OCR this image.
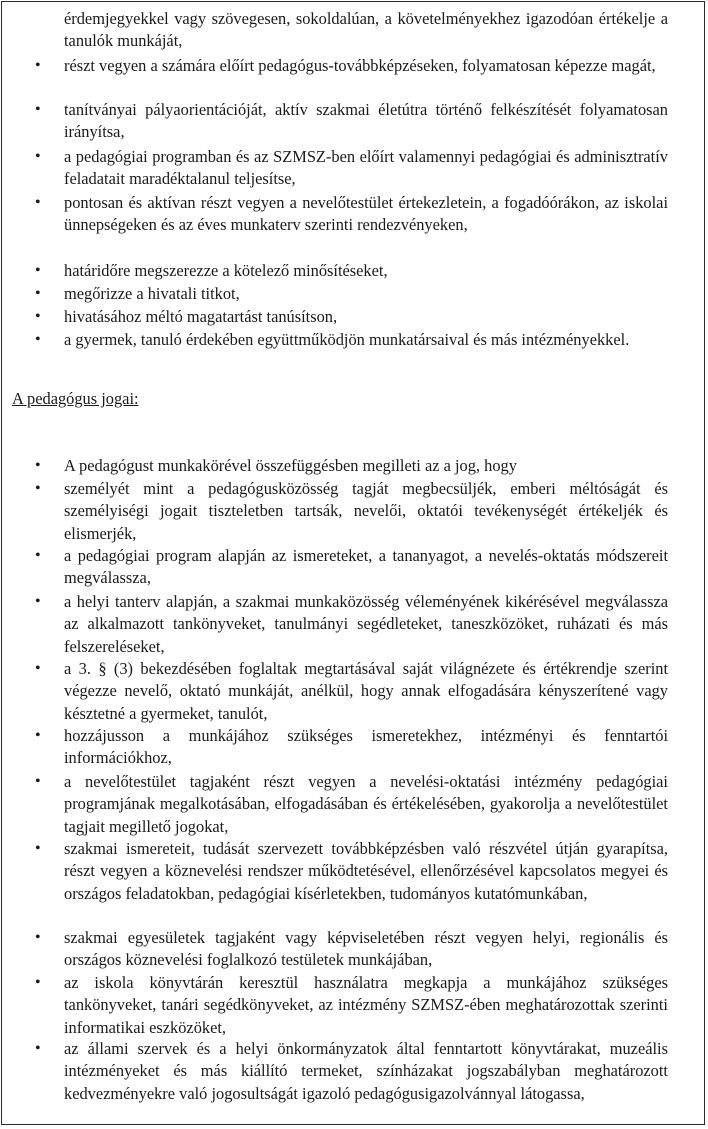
érdemjegyekkel vagy szövegesen, sokoldalúan, a követelményekhez igazodóan értékelje a tanulók munkáját,
• részt vegyen a számára előírt pedagógus-továbbképzéseken, folyamatosan képezze magát,
• tanítványai pályaorientációját, aktív szakmai életútra történő felkészítését folyamatosan irányítsa,
• a pedagógiai programban és az SZMSZ-ben előírt valamennyi pedagógiai és adminisztratív feladatait maradéktalanul teljesítse,
• pontosan és aktívan részt vegyen a nevelőtestület értekezletein, a fogadóórákon, az iskolai ünnepségeken és az éves munkaterv szerinti rendezvényeken,
• határidőre megszerezze a kötelező minősítéseket,
• megőrizze a hivatali titkot,
• hivatásához méltó magatartást tanúsítson,
• a gyermek, tanuló érdekében együttműködjön munkatársaival és más intézményekkel.
A pedagógus jogai:
• A pedagógust munkakörével összefüggésben megilleti az a jog, hogy
• személyét mint a pedagógusközösség tagját megbecsüljék, emberi méltóságát és személyiségi jogait tiszteletben tartsák, nevelői, oktatói tevékenységét értékeljék és elismerjék,
• a pedagógiai program alapján az ismereteket, a tananyagot, a nevelés-oktatás módszereit megválassza,
• a helyi tanterv alapján, a szakmai munkaközösség véleményének kikérésével megválassza az alkalmazott tankönyveket, tanulmányi segédleteket, taneszközöket, ruházati és más felszereléseket,
• a 3. § (3) bekezdésében foglaltak megtartásával saját világnézete és értékrendje szerint végezze nevelő, oktató munkáját, anélkül, hogy annak elfogadására kényszerítené vagy késztetné a gyermeket, tanulót,
• hozzájusson a munkájához szükséges ismeretekhez, intézményi és fenntartói információkhoz,
• a nevelőtestület tagjaként részt vegyen a nevelési-oktatási intézmény pedagógiai programjának megalkotásában, elfogadásában és értékelésében, gyakorolja a nevelőtestület tagjait megillető jogokat,
• szakmai ismereteit, tudását szervezett továbbképzésben való részvétel útján gyarapítsa, részt vegyen a köznevelési rendszer működtetésével, ellenőrzésével kapcsolatos megyei és országos feladatokban, pedagógiai kísérletekben, tudományos kutatómunkában,
• szakmai egyesületek tagjaként vagy képviseletében részt vegyen helyi, regionális és országos köznevelési foglalkozó testületek munkájában,
• az iskola könyvtárán keresztül használatra megkapja a munkájához szükséges tankönyveket, tanári segédkönyveket, az intézmény SZMSZ-ében meghatározottak szerinti informatikai eszközöket,
• az állami szervek és a helyi önkormányzatok által fenntartott könyvtárakat, muzeális intézményeket és más kiállító termeket, színházakat jogszabályban meghatározott kedvezményekre való jogosultságát igazoló pedagógusigazolvánnyal látogassa,
